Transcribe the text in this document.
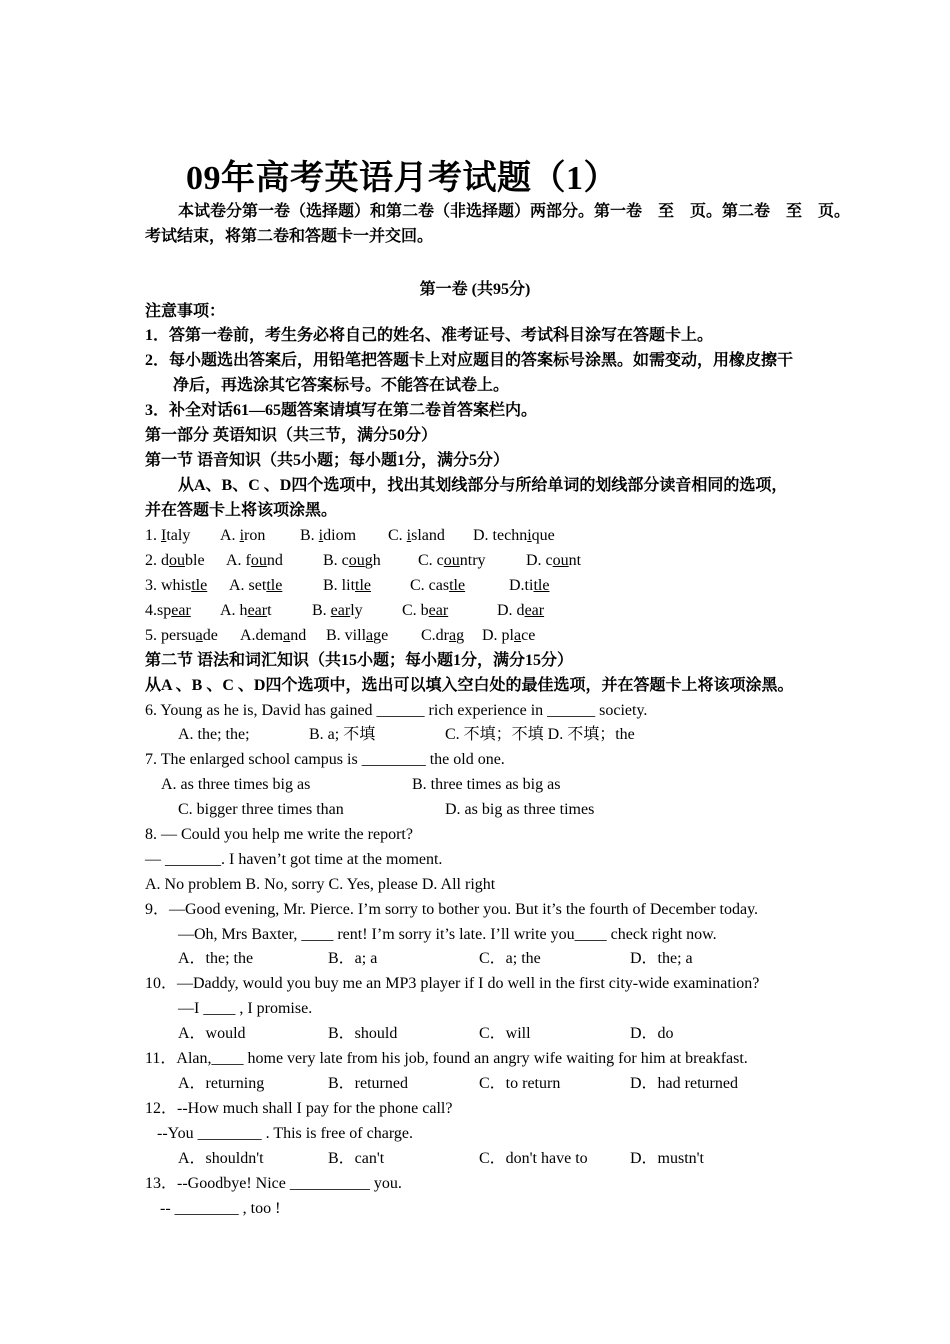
09年高考英语月考试题（1）
本试卷分第一卷（选择题）和第二卷（非选择题）两部分。第一卷　至　页。第二卷　至　页。
考试结束，将第二卷和答题卡一并交回。
第一卷 (共95分)
注意事项：
1．答第一卷前，考生务必将自己的姓名、准考证号、考试科目涂写在答题卡上。
2．每小题选出答案后，用铅笔把答题卡上对应题目的答案标号涂黑。如需变动，用橡皮擦干
净后，再选涂其它答案标号。不能答在试卷上。
3．补全对话61—65题答案请填写在第二卷首答案栏内。
第一部分 英语知识（共三节，满分50分）
第一节 语音知识（共5小题；每小题1分，满分5分）
从A、B、C 、D四个选项中，找出其划线部分与所给单词的划线部分读音相同的选项，
并在答题卡上将该项涂黑。
1. Italy A. iron B. idiom C. island D. technique
2. double A. found	B. cough C. country	D. count
3. whistle A. settle	B. little C. castle	D.title
4.spear A. heart	B. early C. bear	D. dear
5. persuade A.demand B. village C.drag D. place
第二节 语法和词汇知识（共15小题；每小题1分，满分15分）
从A 、B 、C 、D四个选项中，选出可以填入空白处的最佳选项，并在答题卡上将该项涂黑。
6. Young as he is, David has gained ______ rich experience in ______ society.
A. the; the;	B. a; 不填	C. 不填；不填 D. 不填；the
7. The enlarged school campus is ________ the old one.
A. as three times big as	B. three times as big as
C. bigger three times than	D. as big as three times
8. — Could you help me write the report?
— _______. I haven’t got time at the moment.
A. No problem B. No, sorry C. Yes, please D. All right
9．—Good evening, Mr. Pierce. I’m sorry to bother you. But it’s the fourth of December today.
—Oh, Mrs Baxter, ____ rent! I’m sorry it’s late. I’ll write you____ check right now.
A．the; the	B．a; a	C．a; the	D．the; a
10．—Daddy, would you buy me an MP3 player if I do well in the first city-wide examination?
—I ____ , I promise.
A．would	B．should	C．will	D．do
11．Alan,____ home very late from his job, found an angry wife waiting for him at breakfast.
A．returning	B．returned	C．to return	D．had returned
12．--How much shall I pay for the phone call?
--You ________ . This is free of charge.
A．shouldn't	B．can't	C．don't have to	D．mustn't
13．--Goodbye! Nice __________ you.
-- ________ , too !
